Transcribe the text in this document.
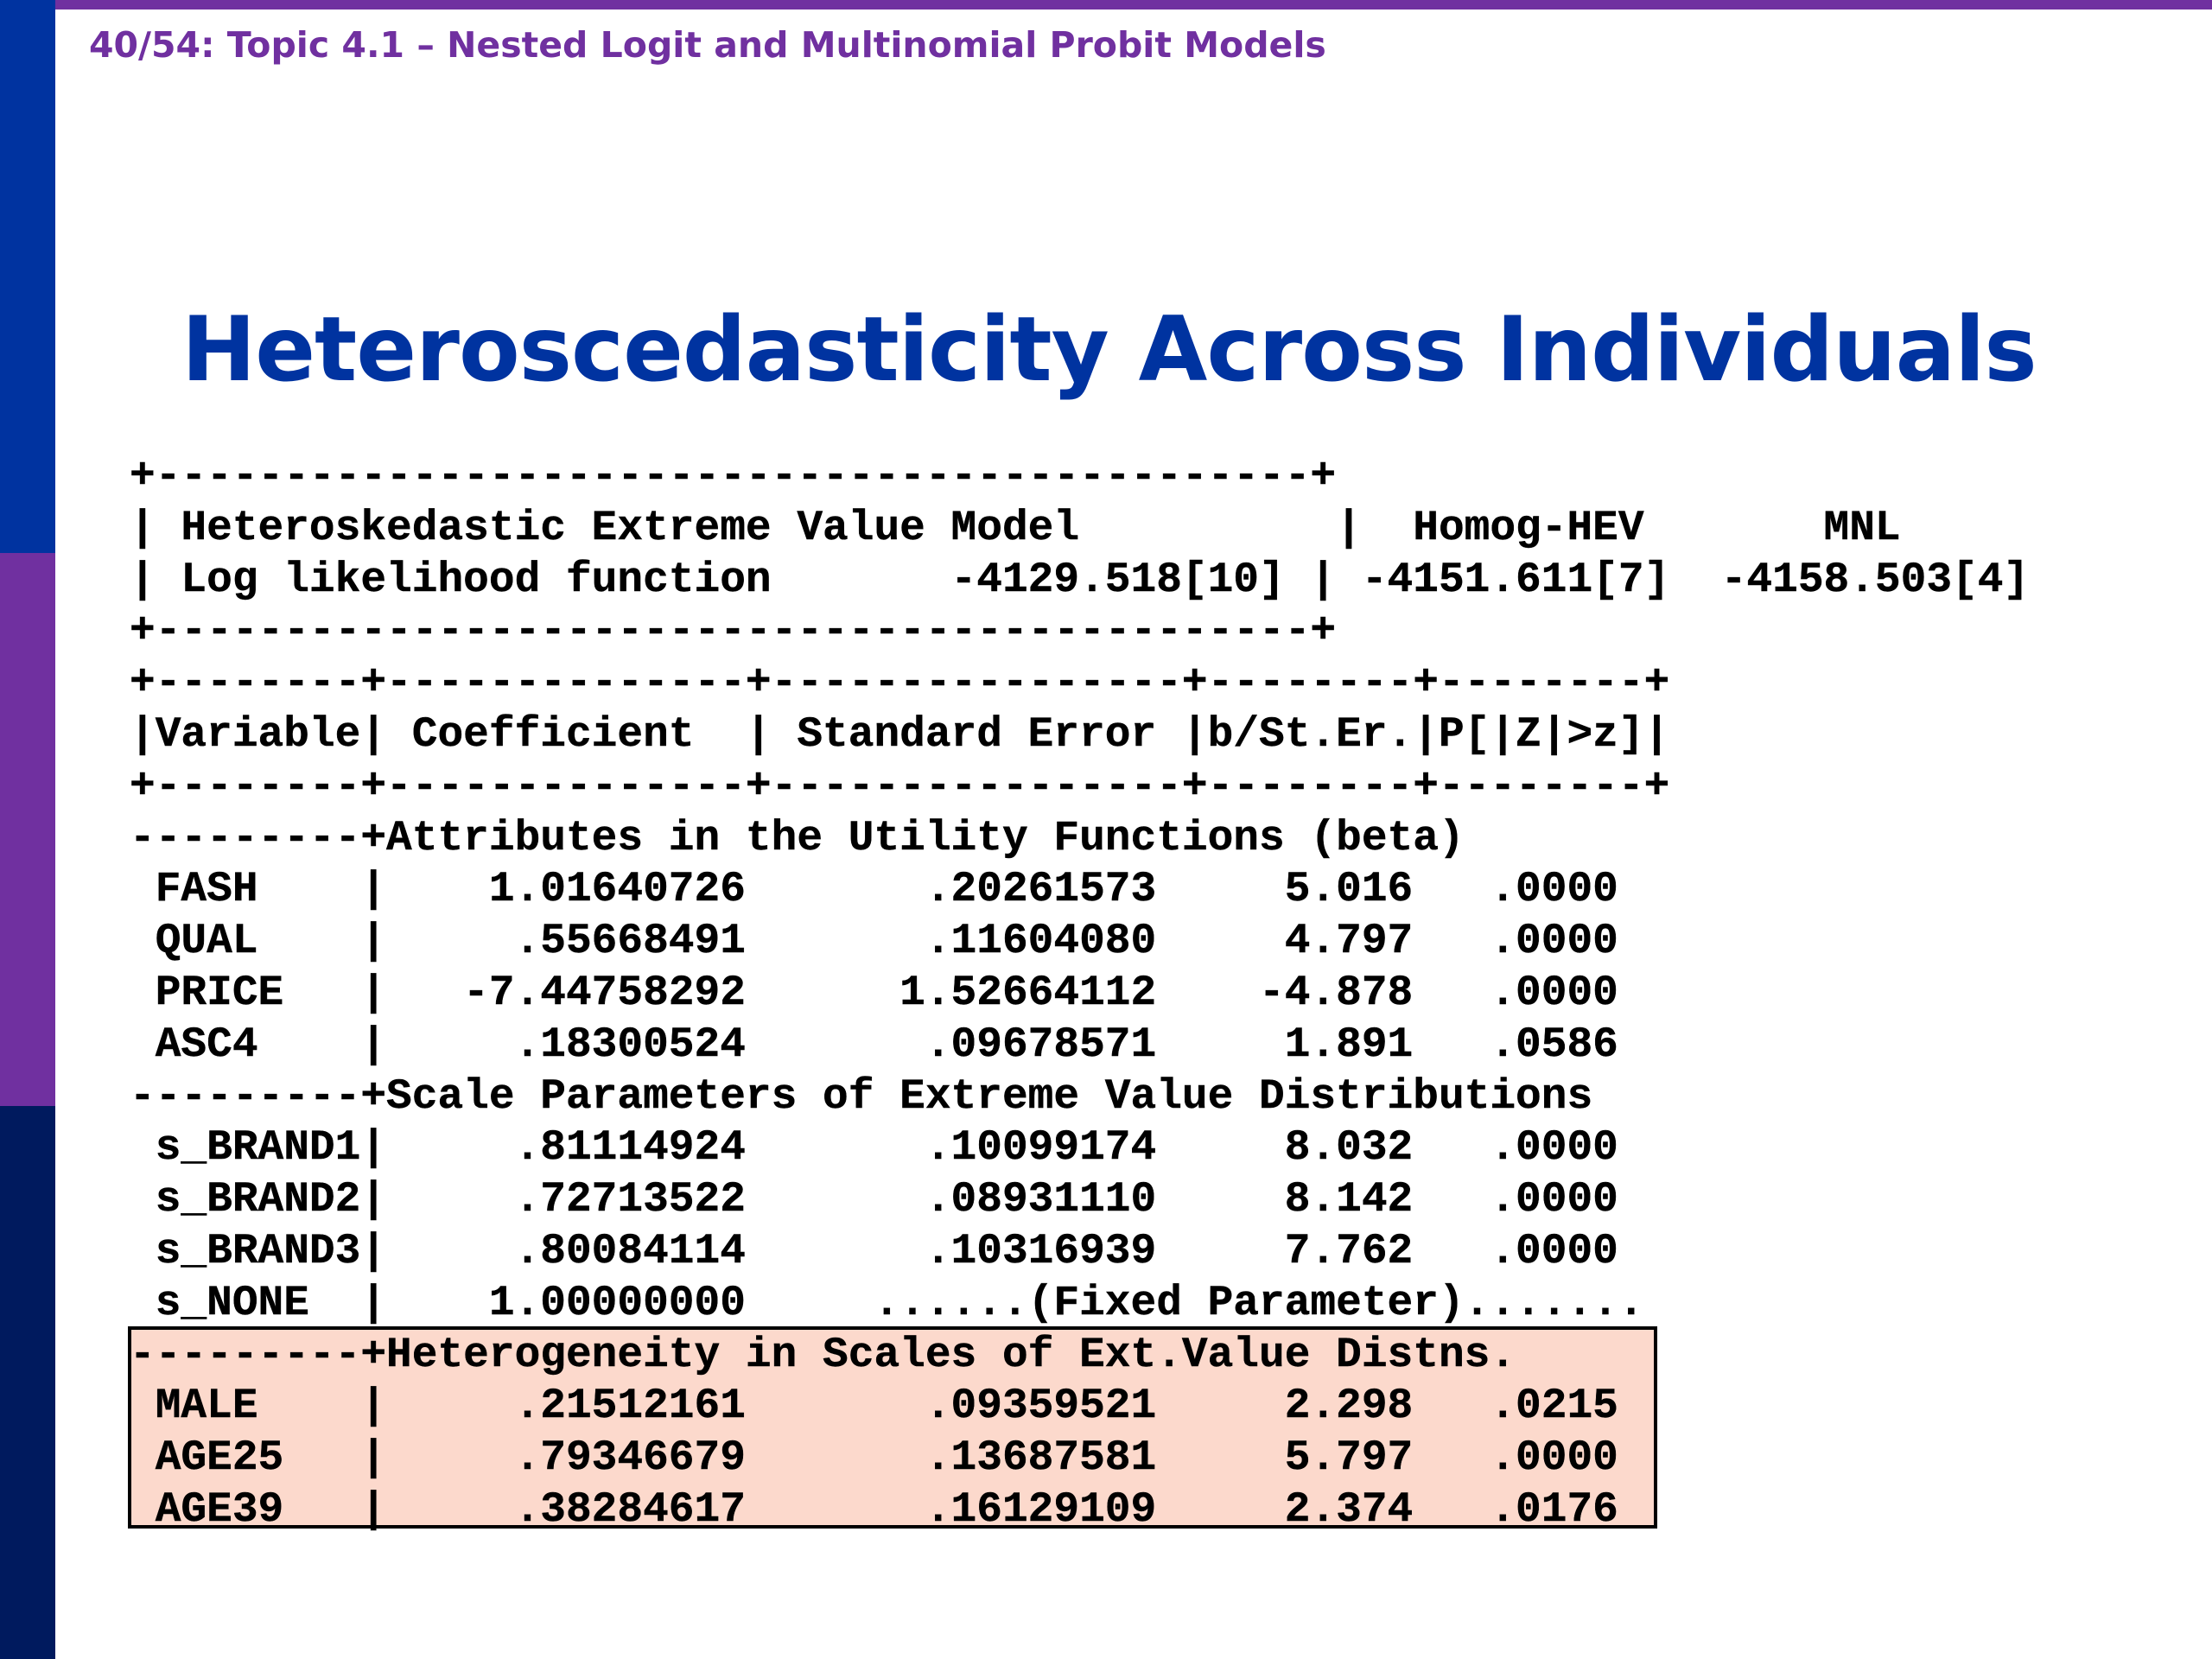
40/54: Topic 4.1 – Nested Logit and Multinomial Probit Models
Heteroscedasticity Across Individuals
+---------------------------------------------+
| Heteroskedastic Extreme Value Model          |  Homog-HEV       MNL
| Log likelihood function       -4129.518[10] | -4151.611[7]  -4158.503[4]
+---------------------------------------------+
+--------+--------------+----------------+--------+--------+
|Variable| Coefficient  | Standard Error |b/St.Er.|P[|Z|>z]|
+--------+--------------+----------------+--------+--------+
---------+Attributes in the Utility Functions (beta)
FASH    |    1.01640726       .20261573     5.016   .0000
QUAL    |     .55668491       .11604080     4.797   .0000
PRICE   |   -7.44758292      1.52664112    -4.878   .0000
ASC4    |     .18300524       .09678571     1.891   .0586
---------+Scale Parameters of Extreme Value Distributions
s_BRAND1|     .81114924       .10099174     8.032   .0000
s_BRAND2|     .72713522       .08931110     8.142   .0000
s_BRAND3|     .80084114       .10316939     7.762   .0000
s_NONE  |    1.00000000     ......(Fixed Parameter).......
---------+Heterogeneity in Scales of Ext.Value Distns.
MALE    |     .21512161       .09359521     2.298   .0215
AGE25   |     .79346679       .13687581     5.797   .0000
AGE39   |     .38284617       .16129109     2.374   .0176
